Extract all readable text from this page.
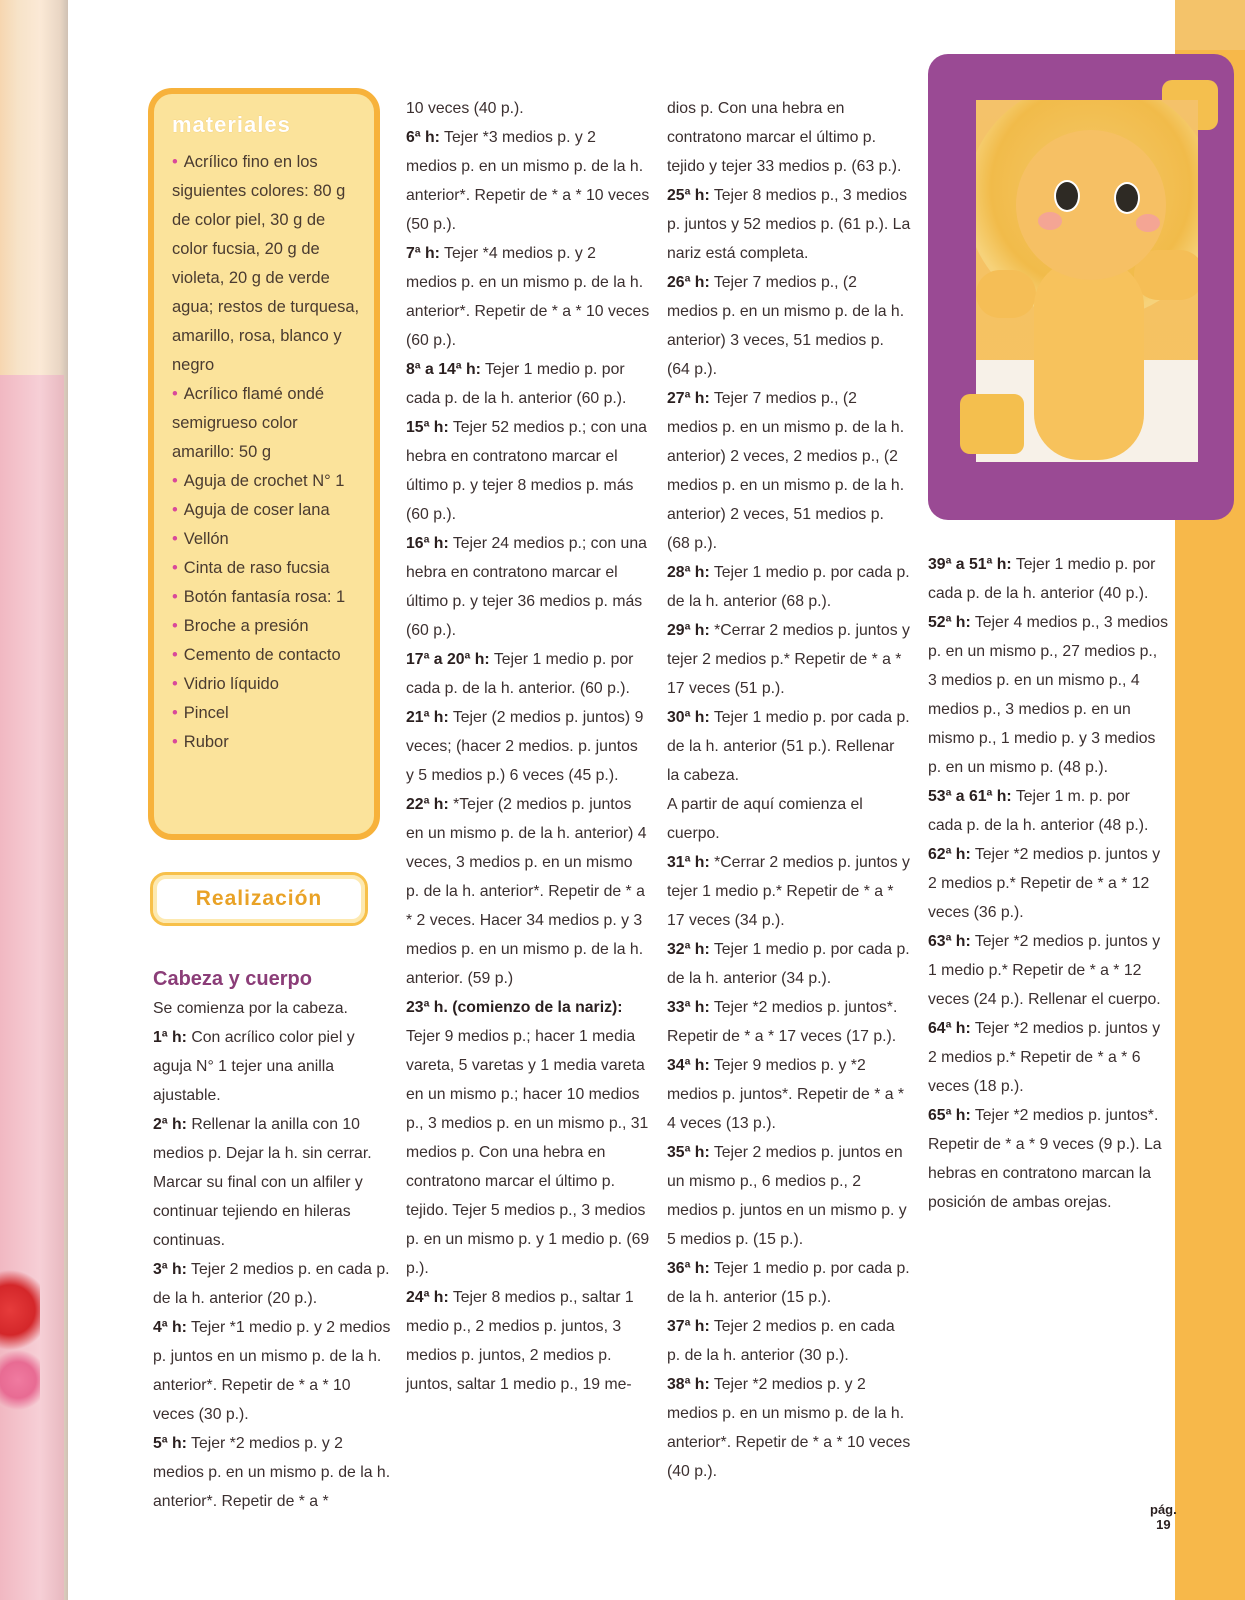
materiales
• Acrílico fino en los siguientes colores: 80 g de color piel, 30 g de color fucsia, 20 g de violeta, 20 g de verde agua; restos de turquesa, amarillo, rosa, blanco y negro
• Acrílico flamé ondé semigrueso color amarillo: 50 g
• Aguja de crochet N° 1
• Aguja de coser lana
• Vellón
• Cinta de raso fucsia
• Botón fantasía rosa: 1
• Broche a presión
• Cemento de contacto
• Vidrio líquido
• Pincel
• Rubor
Realización
Cabeza y cuerpo

Se comienza por la cabeza.

1ª h: Con acrílico color piel y aguja N° 1 tejer una anilla ajustable.

2ª h: Rellenar la anilla con 10 medios p. Dejar la h. sin cerrar. Marcar su final con un alfiler y continuar tejiendo en hileras continuas.

3ª h: Tejer 2 medios p. en cada p. de la h. anterior (20 p.).

4ª h: Tejer *1 medio p. y 2 medios p. juntos en un mismo p. de la h. anterior*. Repetir de * a * 10 veces (30 p.).

5ª h: Tejer *2 medios p. y 2 medios p. en un mismo p. de la h. anterior*. Repetir de * a *

10 veces (40 p.).

6ª h: Tejer *3 medios p. y 2 medios p. en un mismo p. de la h. anterior*. Repetir de * a * 10 veces (50 p.).

7ª h: Tejer *4 medios p. y 2 medios p. en un mismo p. de la h. anterior*. Repetir de * a * 10 veces (60 p.).

8ª a 14ª h: Tejer 1 medio p. por cada p. de la h. anterior (60 p.).

15ª h: Tejer 52 medios p.; con una hebra en contratono marcar el último p. y tejer 8 medios p. más (60 p.).

16ª h: Tejer 24 medios p.; con una hebra en contratono marcar el último p. y tejer 36 medios p. más (60 p.).

17ª a 20ª h: Tejer 1 medio p. por cada p. de la h. anterior. (60 p.).

21ª h: Tejer (2 medios p. juntos) 9 veces; (hacer 2 medios. p. juntos y 5 medios p.) 6 veces (45 p.).

22ª h: *Tejer (2 medios p. juntos en un mismo p. de la h. anterior) 4 veces, 3 medios p. en un mismo p. de la h. anterior*. Repetir de * a * 2 veces. Hacer 34 medios p. y 3 medios p. en un mismo p. de la h. anterior. (59 p.)

23ª h. (comienzo de la nariz): Tejer 9 medios p.; hacer 1 media vareta, 5 varetas y 1 media vareta en un mismo p.; hacer 10 medios p., 3 medios p. en un mismo p., 31 medios p. Con una hebra en contratono marcar el último p. tejido. Tejer 5 medios p., 3 medios p. en un mismo p. y 1 medio p. (69 p.).

24ª h: Tejer 8 medios p., saltar 1 medio p., 2 medios p. juntos, 3 medios p. juntos, 2 medios p. juntos, saltar 1 medio p., 19 me-

dios p. Con una hebra en contratono marcar el último p. tejido y tejer 33 medios p. (63 p.).

25ª h: Tejer 8 medios p., 3 medios p. juntos y 52 medios p. (61 p.). La nariz está completa.

26ª h: Tejer 7 medios p., (2 medios p. en un mismo p. de la h. anterior) 3 veces, 51 medios p. (64 p.).

27ª h: Tejer 7 medios p., (2 medios p. en un mismo p. de la h. anterior) 2 veces, 2 medios p., (2 medios p. en un mismo p. de la h. anterior) 2 veces, 51 medios p. (68 p.).

28ª h: Tejer 1 medio p. por cada p. de la h. anterior (68 p.).

29ª h: *Cerrar 2 medios p. juntos y tejer 2 medios p.* Repetir de * a * 17 veces (51 p.).

30ª h: Tejer 1 medio p. por cada p. de la h. anterior (51 p.). Rellenar la cabeza.

A partir de aquí comienza el cuerpo.

31ª h: *Cerrar 2 medios p. juntos y tejer 1 medio p.* Repetir de * a * 17 veces (34 p.).

32ª h: Tejer 1 medio p. por cada p. de la h. anterior (34 p.).

33ª h: Tejer *2 medios p. juntos*. Repetir de * a * 17 veces (17 p.).

34ª h: Tejer 9 medios p. y *2 medios p. juntos*. Repetir de * a * 4 veces (13 p.).

35ª h: Tejer 2 medios p. juntos en un mismo p., 6 medios p., 2 medios p. juntos en un mismo p. y 5 medios p. (15 p.).

36ª h: Tejer 1 medio p. por cada p. de la h. anterior (15 p.).

37ª h: Tejer 2 medios p. en cada p. de la h. anterior (30 p.).

38ª h: Tejer *2 medios p. y 2 medios p. en un mismo p. de la h. anterior*. Repetir de * a * 10 veces (40 p.).

39ª a 51ª h: Tejer 1 medio p. por cada p. de la h. anterior (40 p.).

52ª h: Tejer 4 medios p., 3 medios p. en un mismo p., 27 medios p., 3 medios p. en un mismo p., 4 medios p., 3 medios p. en un mismo p., 1 medio p. y 3 medios p. en un mismo p. (48 p.).

53ª a 61ª h: Tejer 1 m. p. por cada p. de la h. anterior (48 p.).

62ª h: Tejer *2 medios p. juntos y 2 medios p.* Repetir de * a * 12 veces (36 p.).

63ª h: Tejer *2 medios p. juntos y 1 medio p.* Repetir de * a * 12 veces (24 p.). Rellenar el cuerpo.

64ª h: Tejer *2 medios p. juntos y 2 medios p.* Repetir de * a * 6 veces (18 p.).

65ª h: Tejer *2 medios p. juntos*. Repetir de * a * 9 veces (9 p.). La hebras en contratono marcan la posición de ambas orejas.

pág.
19
